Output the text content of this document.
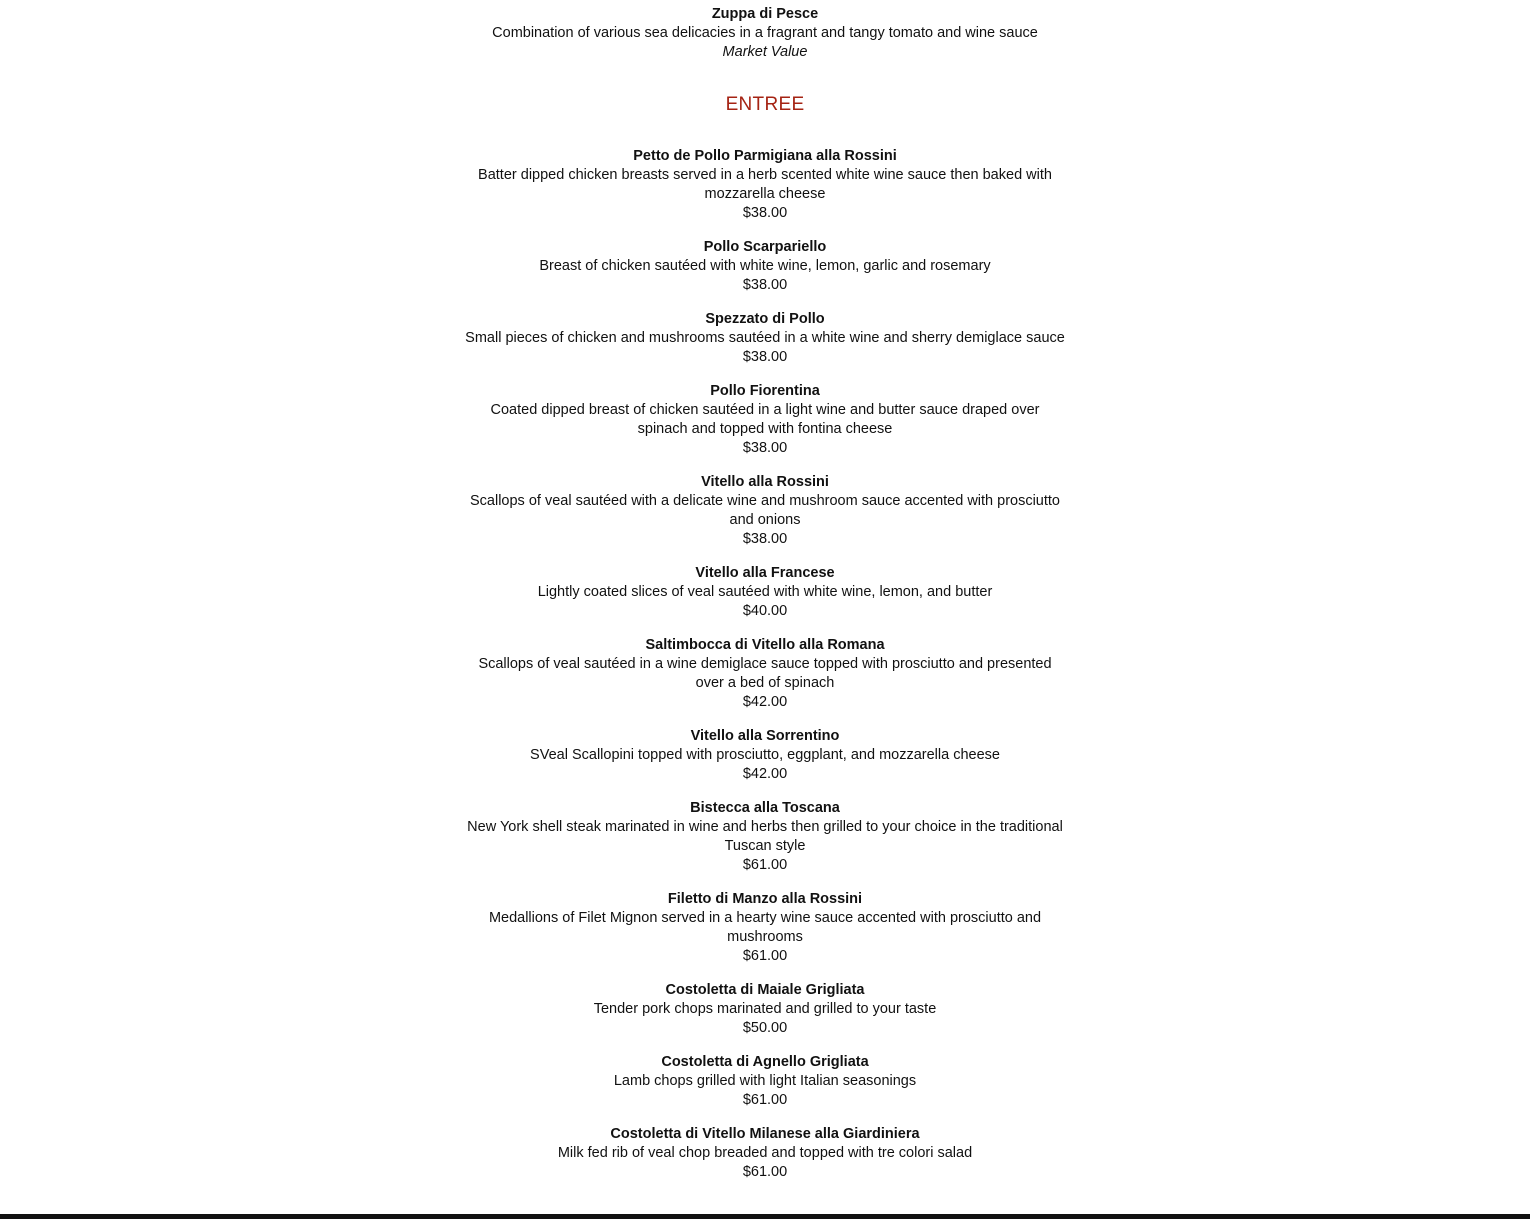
Zuppa di Pesce
Combination of various sea delicacies in a fragrant and tangy tomato and wine sauce
Market Value
ENTREE
Petto de Pollo Parmigiana alla Rossini
Batter dipped chicken breasts served in a herb scented white wine sauce then baked with mozzarella cheese
$38.00
Pollo Scarpariello
Breast of chicken sautéed with white wine, lemon, garlic and rosemary
$38.00
Spezzato di Pollo
Small pieces of chicken and mushrooms sautéed in a white wine and sherry demiglace sauce
$38.00
Pollo Fiorentina
Coated dipped breast of chicken sautéed in a light wine and butter sauce draped over spinach and topped with fontina cheese
$38.00
Vitello alla Rossini
Scallops of veal sautéed with a delicate wine and mushroom sauce accented with prosciutto and onions
$38.00
Vitello alla Francese
Lightly coated slices of veal sautéed with white wine, lemon, and butter
$40.00
Saltimbocca di Vitello alla Romana
Scallops of veal sautéed in a wine demiglace sauce topped with prosciutto and presented over a bed of spinach
$42.00
Vitello alla Sorrentino
SVeal Scallopini topped with prosciutto, eggplant, and mozzarella cheese
$42.00
Bistecca alla Toscana
New York shell steak marinated in wine and herbs then grilled to your choice in the traditional Tuscan style
$61.00
Filetto di Manzo alla Rossini
Medallions of Filet Mignon served in a hearty wine sauce accented with prosciutto and mushrooms
$61.00
Costoletta di Maiale Grigliata
Tender pork chops marinated and grilled to your taste
$50.00
Costoletta di Agnello Grigliata
Lamb chops grilled with light Italian seasonings
$61.00
Costoletta di Vitello Milanese alla Giardiniera
Milk fed rib of veal chop breaded and topped with tre colori salad
$61.00
